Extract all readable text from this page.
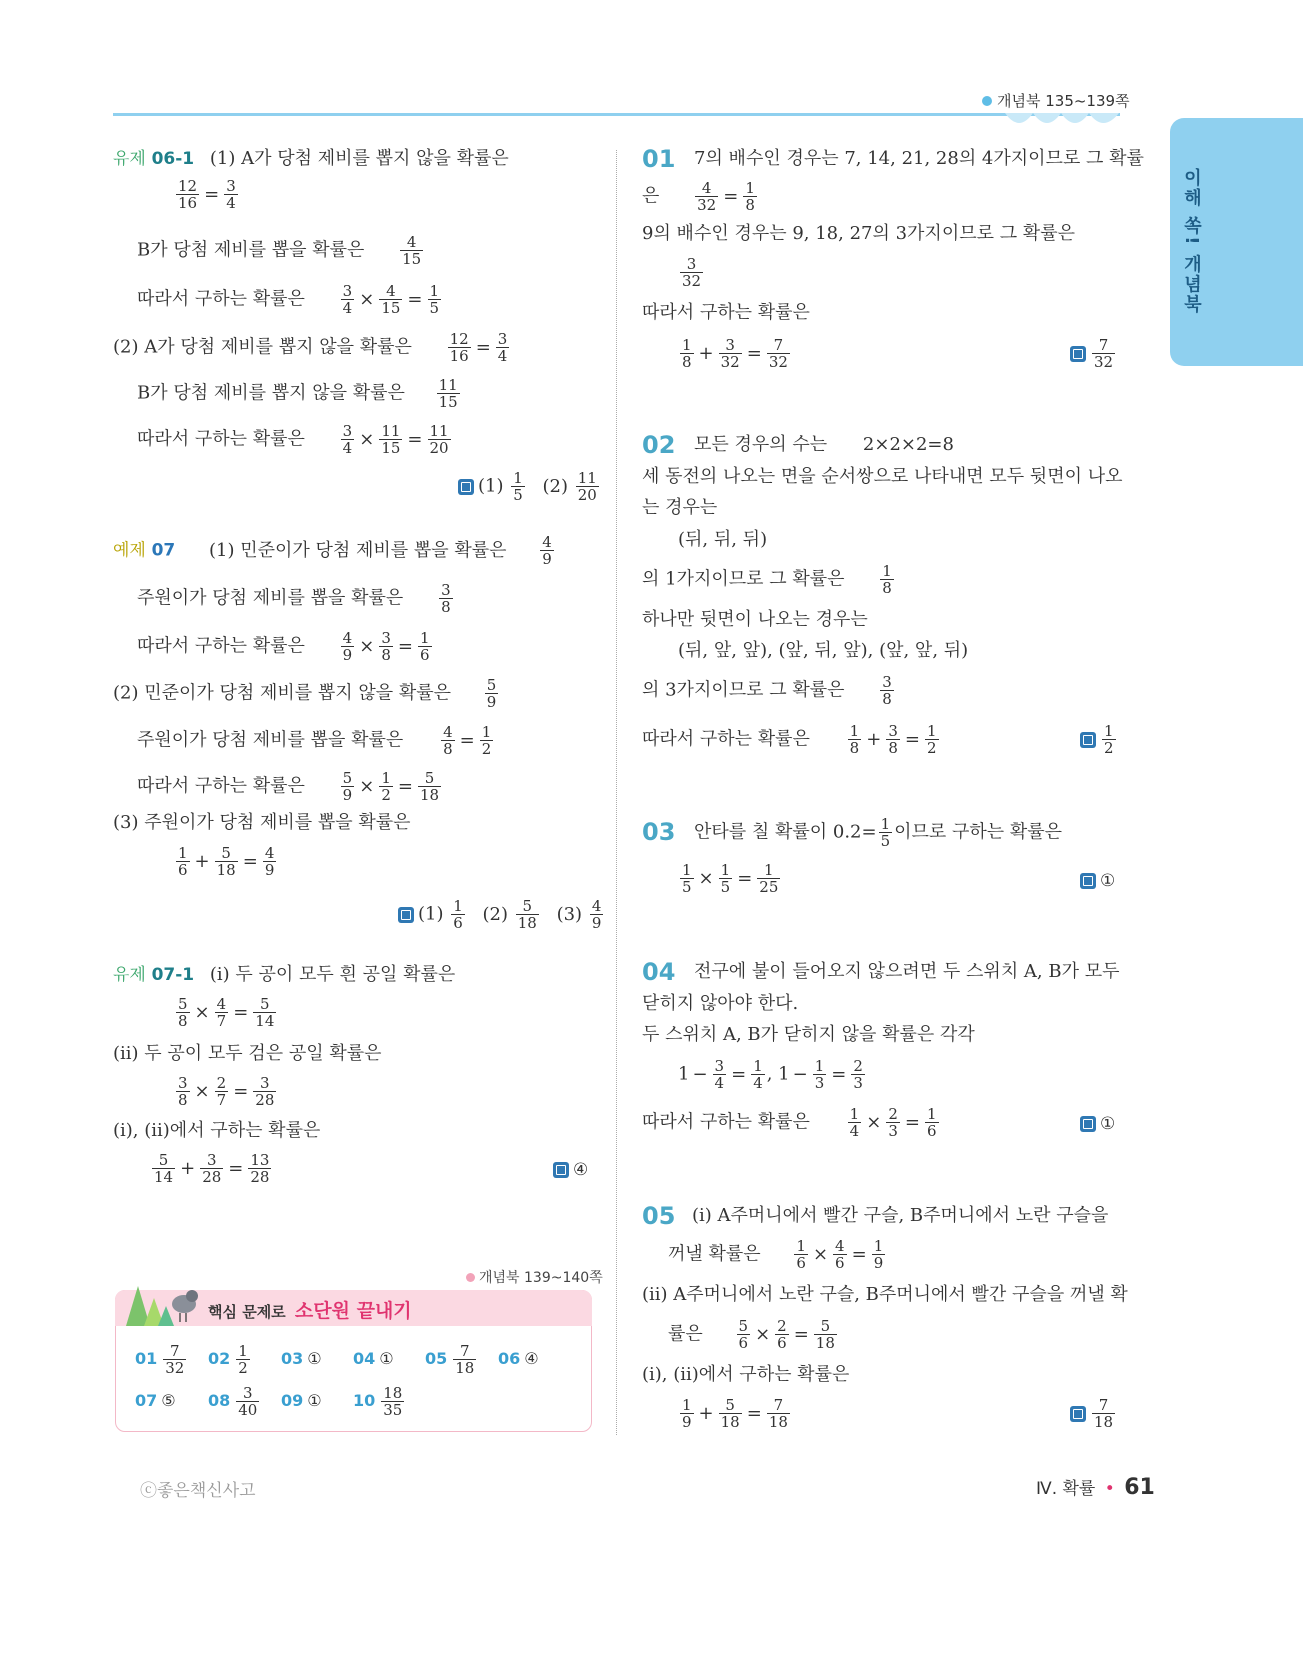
개념북 135~139쪽
이해 쏙! 개념북
유제 06-1 (1) A가 당첨 제비를 뽑지 않을 확률은
$\frac{12}{16} = \frac{3}{4}$
B가 당첨 제비를 뽑을 확률은 $\frac{4}{15}$
따라서 구하는 확률은 $\frac{3}{4} \times \frac{4}{15} = \frac{1}{5}$
(2) A가 당첨 제비를 뽑지 않을 확률은 $\frac{12}{16} = \frac{3}{4}$
B가 당첨 제비를 뽑지 않을 확률은 $\frac{11}{15}$
따라서 구하는 확률은 $\frac{3}{4} \times \frac{11}{15} = \frac{11}{20}$
$(1) \frac{1}{5} (2) \frac{11}{20}$
예제 07 (1) 민준이가 당첨 제비를 뽑을 확률은 $\frac{4}{9}$
주원이가 당첨 제비를 뽑을 확률은 $\frac{3}{8}$
따라서 구하는 확률은 $\frac{4}{9} \times \frac{3}{8} = \frac{1}{6}$
(2) 민준이가 당첨 제비를 뽑지 않을 확률은 $\frac{5}{9}$
주원이가 당첨 제비를 뽑을 확률은	$\frac{4}{8} = \frac{1}{2}$
따라서 구하는 확률은 $\frac{5}{9} \times \frac{1}{2} = \frac{5}{18}$
(3) 주원이가 당첨 제비를 뽑을 확률은
$\frac{1}{6} + \frac{5}{18} = \frac{4}{9}$
$(1) \frac{1}{6} (2) \frac{5}{18} (3) \frac{4}{9}$
유제 07-1 (ⅰ) 두 공이 모두 흰 공일 확률은
$\frac{5}{8} \times \frac{4}{7} = \frac{5}{14}$
(ⅱ) 두 공이 모두 검은 공일 확률은
$\frac{3}{8} \times \frac{2}{7} = \frac{3}{28}$
(ⅰ), (ⅱ)에서 구하는 확률은
$\frac{5}{14} + \frac{3}{28} = \frac{13}{28}$	④
개념북 139~140쪽
핵심 문제로 소단원 끝내기
$01 \frac{7}{32} 02 \frac{1}{2} 03$ ① 04 ① $05 \frac{7}{18} 06$ ④
07 ⑤ $08 \frac{3}{40} 09$ ① $10 \frac{18}{35}$
01 7의 배수인 경우는 7, 14, 21, 28의 4가지이므로 그 확률
은 $\frac{4}{32} = \frac{1}{8}$
9의 배수인 경우는 9, 18, 27의 3가지이므로 그 확률은
$\frac{3}{32}$
따라서 구하는 확률은
$\frac{1}{8} + \frac{3}{32} = \frac{7}{32}$	$\frac{7}{32}$
02 모든 경우의 수는 2×2×2=8
세 동전의 나오는 면을 순서쌍으로 나타내면 모두 뒷면이 나오
는 경우는
(뒤, 뒤, 뒤)
의 1가지이므로 그 확률은 $\frac{1}{8}$
하나만 뒷면이 나오는 경우는
(뒤, 앞, 앞), (앞, 뒤, 앞), (앞, 앞, 뒤)
의 3가지이므로 그 확률은 $\frac{3}{8}$
따라서 구하는 확률은	$\frac{1}{8} + \frac{3}{8} = \frac{1}{2}$	$\frac{1}{2}$
03 안타를 칠 확률이 $0.2= \frac{1}{5}$ 이므로 구하는 확률은
$\frac{1}{5} \times \frac{1}{5} = \frac{1}{25}$	①
04 전구에 불이 들어오지 않으려면 두 스위치 A, B가 모두
닫히지 않아야 한다.
두 스위치 A, B가 닫히지 않을 확률은 각각
$1 - \frac{3}{4} = \frac{1}{4}$ , $1 - \frac{1}{3} = \frac{2}{3}$
따라서 구하는 확률은	$\frac{1}{4} \times \frac{2}{3} = \frac{1}{6}$	①
05 (ⅰ) A주머니에서 빨간 구슬, B주머니에서 노란 구슬을
꺼낼 확률은 $\frac{1}{6} \times \frac{4}{6} = \frac{1}{9}$
(ⅱ) A주머니에서 노란 구슬, B주머니에서 빨간 구슬을 꺼낼 확
률은 $\frac{5}{6} \times \frac{2}{6} = \frac{5}{18}$
(ⅰ), (ⅱ)에서 구하는 확률은
$\frac{1}{9} + \frac{5}{18} = \frac{7}{18}$	$\frac{7}{18}$
ⓒ좋은책신사고	Ⅳ. 확률 • 61
